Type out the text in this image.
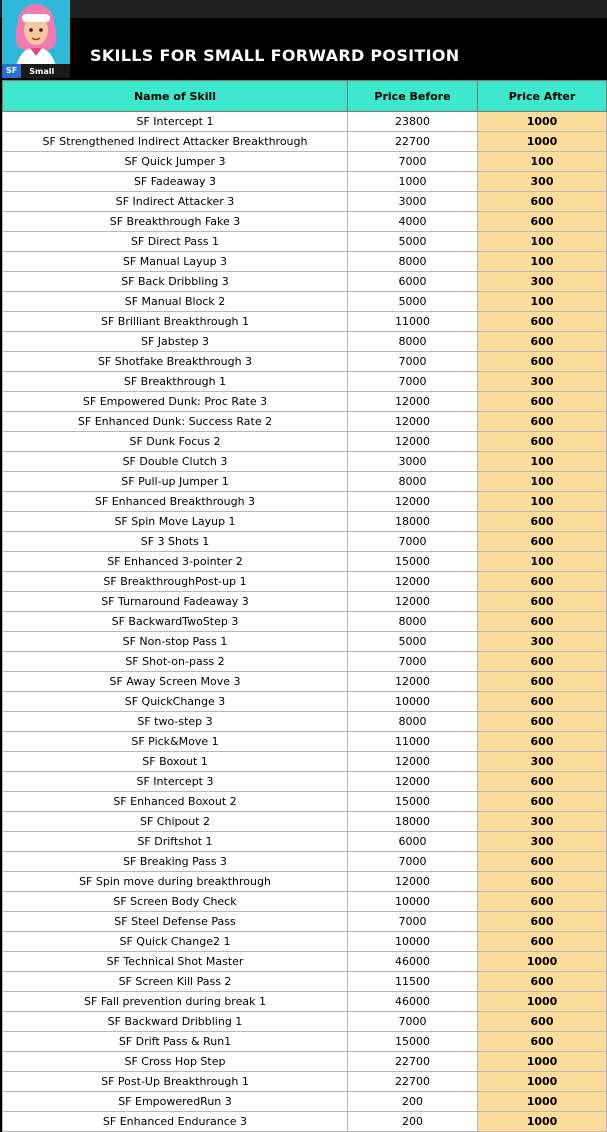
SF	Small
SKILLS FOR SMALL FORWARD POSITION
Name of Skill	Price Before	Price After
SF Intercept 1	23800	1000
SF Strengthened Indirect Attacker Breakthrough	22700	1000
SF Quick Jumper 3	7000	100
SF Fadeaway 3	1000	300
SF Indirect Attacker 3	3000	600
SF Breakthrough Fake 3	4000	600
SF Direct Pass 1	5000	100
SF Manual Layup 3	8000	100
SF Back Dribbling 3	6000	300
SF Manual Block 2	5000	100
SF Brilliant Breakthrough 1	11000	600
SF Jabstep 3	8000	600
SF Shotfake Breakthrough 3	7000	600
SF Breakthrough 1	7000	300
SF Empowered Dunk: Proc Rate 3	12000	600
SF Enhanced Dunk: Success Rate 2	12000	600
SF Dunk Focus 2	12000	600
SF Double Clutch 3	3000	100
SF Pull-up Jumper 1	8000	100
SF Enhanced Breakthrough 3	12000	100
SF Spin Move Layup 1	18000	600
SF 3 Shots 1	7000	600
SF Enhanced 3-pointer 2	15000	100
SF BreakthroughPost-up 1	12000	600
SF Turnaround Fadeaway 3	12000	600
SF BackwardTwoStep 3	8000	600
SF Non-stop Pass 1	5000	300
SF Shot-on-pass 2	7000	600
SF Away Screen Move 3	12000	600
SF QuickChange 3	10000	600
SF two-step 3	8000	600
SF Pick&Move 1	11000	600
SF Boxout 1	12000	300
SF Intercept 3	12000	600
SF Enhanced Boxout 2	15000	600
SF Chipout 2	18000	300
SF Driftshot 1	6000	300
SF Breaking Pass 3	7000	600
SF Spin move during breakthrough	12000	600
SF Screen Body Check	10000	600
SF Steel Defense Pass	7000	600
SF Quick Change2 1	10000	600
SF Technical Shot Master	46000	1000
SF Screen Kill Pass 2	11500	600
SF Fall prevention during break 1	46000	1000
SF Backward Dribbling 1	7000	600
SF Drift Pass & Run1	15000	600
SF Cross Hop Step	22700	1000
SF Post-Up Breakthrough 1	22700	1000
SF EmpoweredRun 3	200	1000
SF Enhanced Endurance 3	200	1000
